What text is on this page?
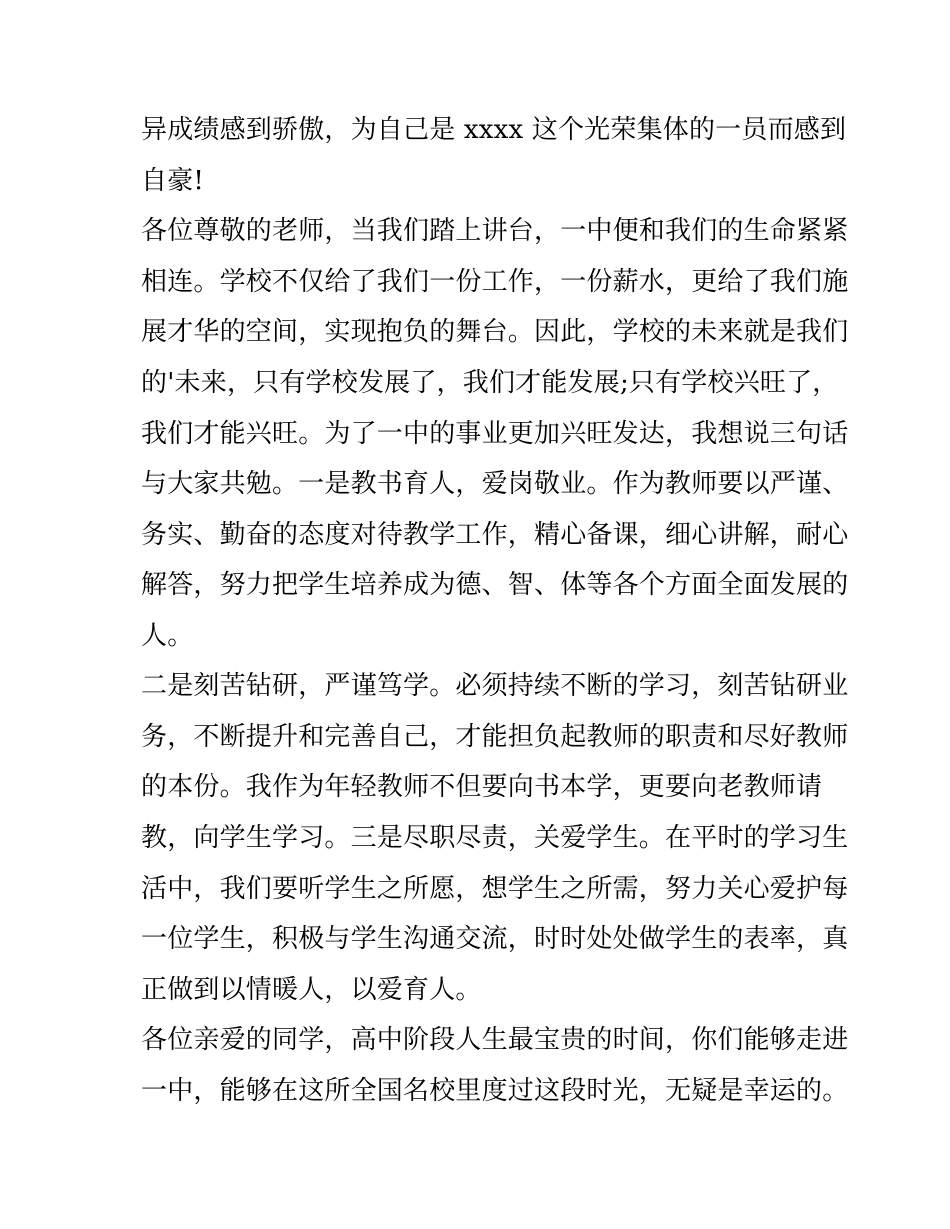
异成绩感到骄傲，为自己是 xxxx 这个光荣集体的一员而感到
自豪!
各位尊敬的老师，当我们踏上讲台，一中便和我们的生命紧紧
相连。学校不仅给了我们一份工作，一份薪水，更给了我们施
展才华的空间，实现抱负的舞台。因此，学校的未来就是我们
的'未来，只有学校发展了，我们才能发展;只有学校兴旺了，
我们才能兴旺。为了一中的事业更加兴旺发达，我想说三句话
与大家共勉。一是教书育人，爱岗敬业。作为教师要以严谨、
务实、勤奋的态度对待教学工作，精心备课，细心讲解，耐心
解答，努力把学生培养成为德、智、体等各个方面全面发展的
人。
二是刻苦钻研，严谨笃学。必须持续不断的学习，刻苦钻研业
务，不断提升和完善自己，才能担负起教师的职责和尽好教师
的本份。我作为年轻教师不但要向书本学，更要向老教师请
教，向学生学习。三是尽职尽责，关爱学生。在平时的学习生
活中，我们要听学生之所愿，想学生之所需，努力关心爱护每
一位学生，积极与学生沟通交流，时时处处做学生的表率，真
正做到以情暖人，以爱育人。
各位亲爱的同学，高中阶段人生最宝贵的时间，你们能够走进
一中，能够在这所全国名校里度过这段时光，无疑是幸运的。
